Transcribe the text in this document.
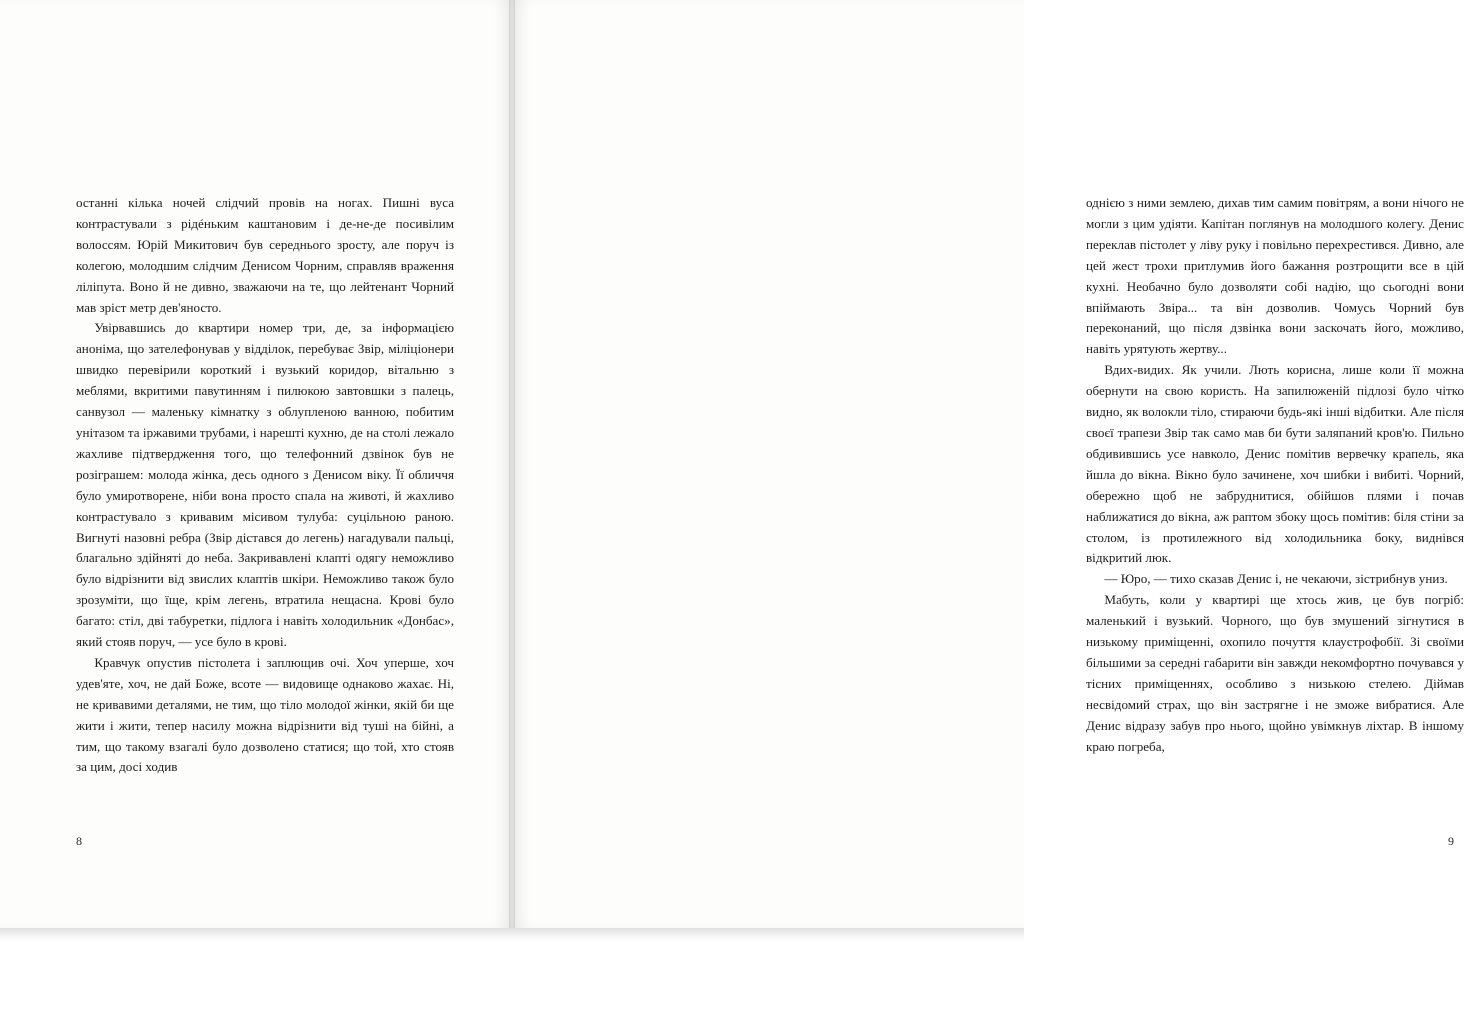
останні кілька ночей слідчий провів на ногах. Пишні вуса контрастували з рідéньким каштановим і де-не-де посивілим волоссям. Юрій Микитович був середнього зросту, але поруч із колегою, молодшим слідчим Денисом Чорним, справляв враження ліліпута. Воно й не дивно, зважаючи на те, що лейтенант Чорний мав зріст метр дев'яносто.

Увірвавшись до квартири номер три, де, за інформацією аноніма, що зателефонував у відділок, перебуває Звір, міліціонери швидко перевірили короткий і вузький коридор, вітальню з меблями, вкритими павутинням і пилюкою завтовшки з палець, санвузол — маленьку кімнатку з облупленою ванною, побитим унітазом та іржавими трубами, і нарешті кухню, де на столі лежало жахливе підтвердження того, що телефонний дзвінок був не розіграшем: молода жінка, десь одного з Денисом віку. Її обличчя було умиротворене, ніби вона просто спала на животі, й жахливо контрастувало з кривавим місивом тулуба: суцільною раною. Вигнуті назовні ребра (Звір дістався до легень) нагадували пальці, благально здійняті до неба. Закривавлені клапті одягу неможливо було відрізнити від звислих клаптів шкіри. Неможливо також було зрозуміти, що їще, крім легень, втратила нещасна. Крові було багато: стіл, дві табуретки, підлога і навіть холодильник «Донбас», який стояв поруч, — усе було в крові.

Кравчук опустив пістолета і заплющив очі. Хоч уперше, хоч удев'яте, хоч, не дай Боже, всоте — видовище однаково жахає. Ні, не кривавими деталями, не тим, що тіло молодої жінки, якій би ще жити і жити, тепер насилу можна відрізнити від туші на бійні, а тим, що такому взагалі було дозволено статися; що той, хто стояв за цим, досі ходив

8

однією з ними землею, дихав тим самим повітрям, а вони нічого не могли з цим удіяти. Капітан поглянув на молодшого колегу. Денис переклав пістолет у ліву руку і повільно перехрестився. Дивно, але цей жест трохи притлумив його бажання розтрощити все в цій кухні. Необачно було дозволяти собі надію, що сьогодні вони впіймають Звіра... та він дозволив. Чомусь Чорний був переконаний, що після дзвінка вони заскочать його, можливо, навіть урятують жертву...

Вдих-видих. Як учили. Лють корисна, лише коли її можна обернути на свою користь. На запилюженій підлозі було чітко видно, як волокли тіло, стираючи будь-які інші відбитки. Але після своєї трапези Звір так само мав би бути заляпаний кров'ю. Пильно обдивившись усе навколо, Денис помітив вервечку крапель, яка йшла до вікна. Вікно було зачинене, хоч шибки і вибиті. Чорний, обережно щоб не забруднитися, обійшов плями і почав наближатися до вікна, аж раптом збоку щось помітив: біля стіни за столом, із протилежного від холодильника боку, виднівся відкритий люк.

— Юро, — тихо сказав Денис і, не чекаючи, зістрибнув униз.

Мабуть, коли у квартирі ще хтось жив, це був погріб: маленький і вузький. Чорного, що був змушений зігнутися в низькому приміщенні, охопило почуття клаустрофобії. Зі своїми більшими за середні габарити він завжди некомфортно почувався у тісних приміщеннях, особливо з низькою стелею. Діймав несвідомий страх, що він застрягне і не зможе вибратися. Але Денис відразу забув про нього, щойно увімкнув ліхтар. В іншому краю погреба,

9
